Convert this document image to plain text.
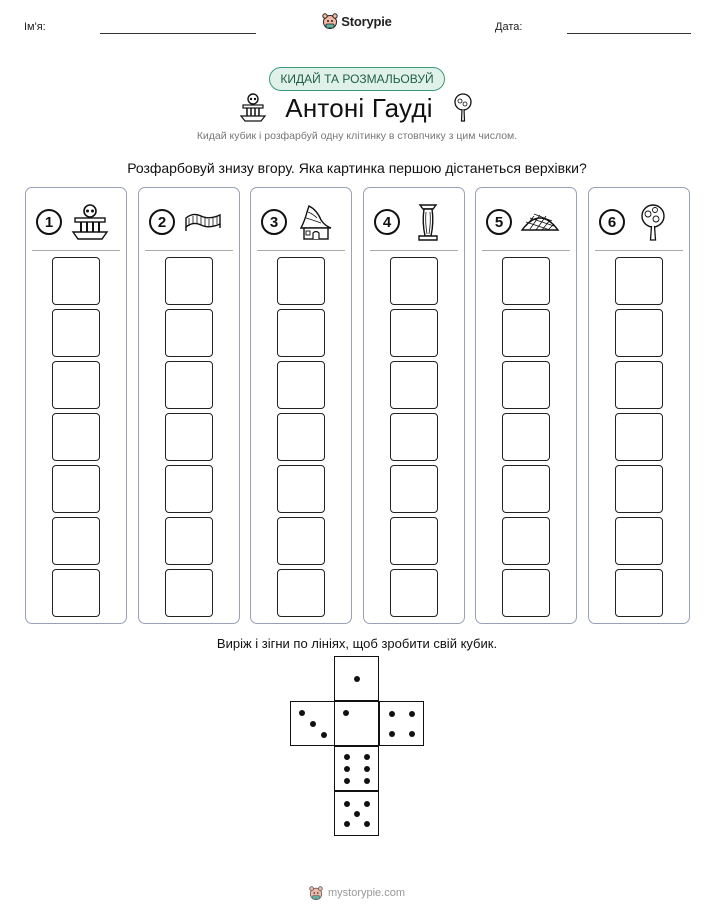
Ім'я:	Storypie	Дата:
КИДАЙ ТА РОЗМАЛЬОВУЙ
Антоні Гауді
Кидай кубик і розфарбуй одну клітинку в стовпчику з цим числом.
Розфарбовуй знизу вгору. Яка картинка першою дістанеться верхівки?
1	2	3	4	5	6
Виріж і зігни по лініях, щоб зробити свій кубик.
mystorypie.com
